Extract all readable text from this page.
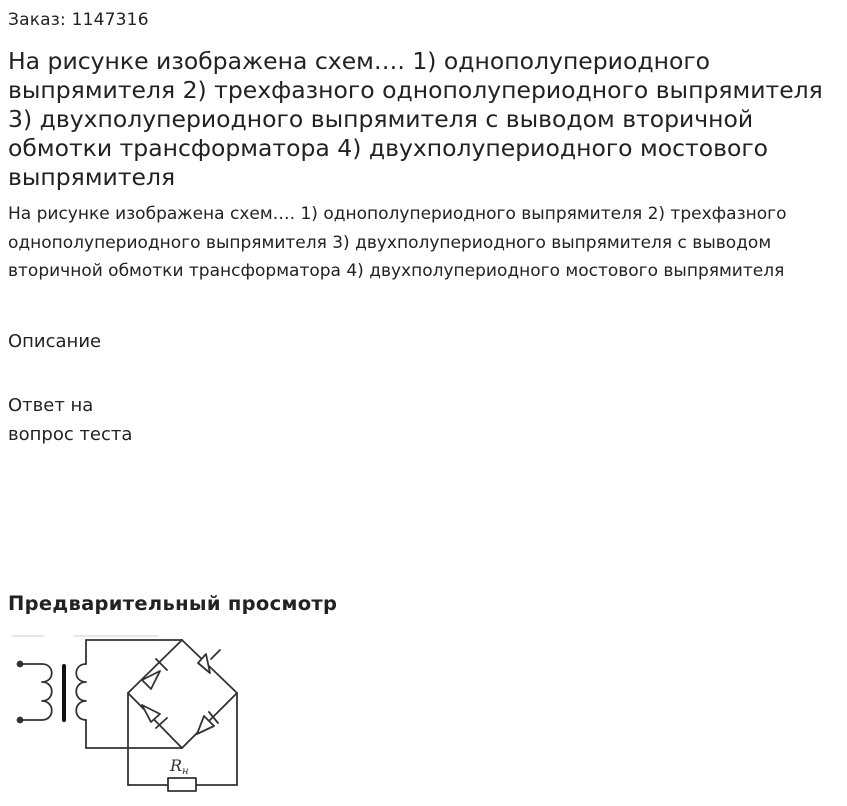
Заказ: 1147316
На рисунке изображена схем…. 1) однополупериодного выпрямителя 2) трехфазного однополупериодного выпрямителя 3) двухполупериодного выпрямителя с выводом вторичной обмотки трансформатора 4) двухполупериодного мостового выпрямителя

На рисунке изображена схем…. 1) однополупериодного выпрямителя 2) трехфазного однополупериодного выпрямителя 3) двухполупериодного выпрямителя с выводом вторичной обмотки трансформатора 4) двухполупериодного мостового выпрямителя

Описание
Ответ на
вопрос теста
Предварительный просмотр
Rн
